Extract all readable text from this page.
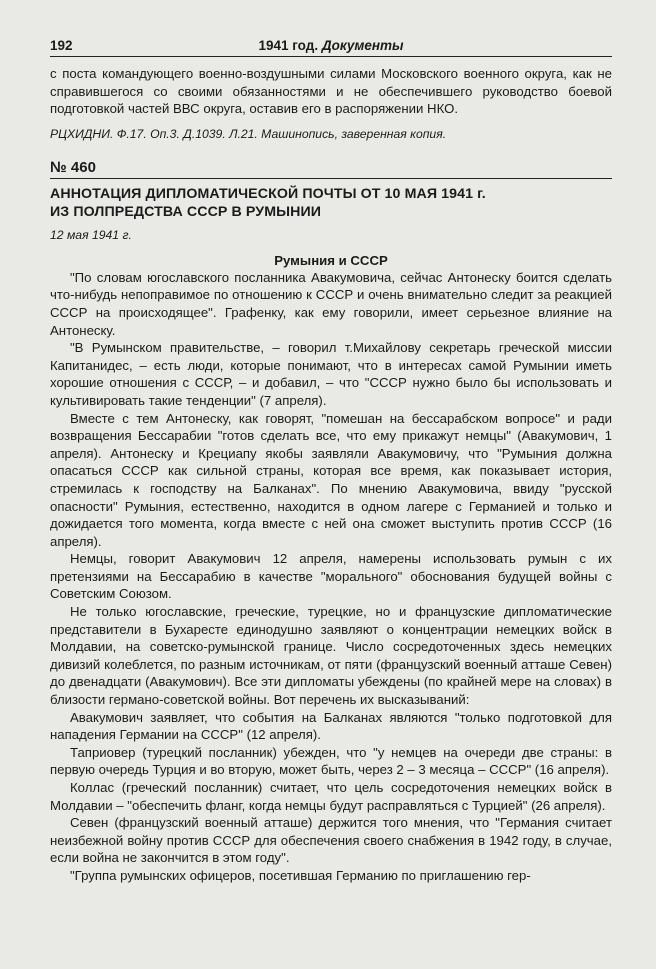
192	1941 год. Документы

с поста командующего военно-воздушными силами Московского военного округа, как не справившегося со своими обязанностями и не обеспечившего руководство боевой подготовкой частей ВВС округа, оставив его в распоряжении НКО.

РЦХИДНИ. Ф.17. Оп.3. Д.1039. Л.21. Машинопись, заверенная копия.

№ 460
АННОТАЦИЯ ДИПЛОМАТИЧЕСКОЙ ПОЧТЫ ОТ 10 МАЯ 1941 г.
ИЗ ПОЛПРЕДСТВА СССР В РУМЫНИИ
12 мая 1941 г.
Румыния и СССР

"По словам югославского посланника Авакумовича, сейчас Антонеску боится сделать что-нибудь непоправимое по отношению к СССР и очень внимательно следит за реакцией СССР на происходящее". Графенку, как ему говорили, имеет серьезное влияние на Антонеску.

"В Румынском правительстве, – говорил т.Михайлову секретарь греческой миссии Капитанидес, – есть люди, которые понимают, что в интересах самой Румынии иметь хорошие отношения с СССР, – и добавил, – что "СССР нужно было бы использовать и культивировать такие тенденции" (7 апреля).

Вместе с тем Антонеску, как говорят, "помешан на бессарабском вопросе" и ради возвращения Бессарабии "готов сделать все, что ему прикажут немцы" (Авакумович, 1 апреля). Антонеску и Крециапу якобы заявляли Авакумовичу, что "Румыния должна опасаться СССР как сильной страны, которая все время, как показывает история, стремилась к господству на Балканах". По мнению Авакумовича, ввиду "русской опасности" Румыния, естественно, находится в одном лагере с Германией и только и дожидается того момента, когда вместе с ней она сможет выступить против СССР (16 апреля).

Немцы, говорит Авакумович 12 апреля, намерены использовать румын с их претензиями на Бессарабию в качестве "морального" обоснования будущей войны с Советским Союзом.

Не только югославские, греческие, турецкие, но и французские дипломатические представители в Бухаресте единодушно заявляют о концентрации немецких войск в Молдавии, на советско-румынской границе. Число сосредоточенных здесь немецких дивизий колеблется, по разным источникам, от пяти (французский военный атташе Севен) до двенадцати (Авакумович). Все эти дипломаты убеждены (по крайней мере на словах) в близости германо-советской войны. Вот перечень их высказываний:

Авакумович заявляет, что события на Балканах являются "только подготовкой для нападения Германии на СССР" (12 апреля).

Таприовер (турецкий посланник) убежден, что "у немцев на очереди две страны: в первую очередь Турция и во вторую, может быть, через 2 – 3 месяца – СССР" (16 апреля).

Коллас (греческий посланник) считает, что цель сосредоточения немецких войск в Молдавии – "обеспечить фланг, когда немцы будут расправляться с Турцией" (26 апреля).

Севен (французский военный атташе) держится того мнения, что "Германия считает неизбежной войну против СССР для обеспечения своего снабжения в 1942 году, в случае, если война не закончится в этом году".

"Группа румынских офицеров, посетившая Германию по приглашению гер-
